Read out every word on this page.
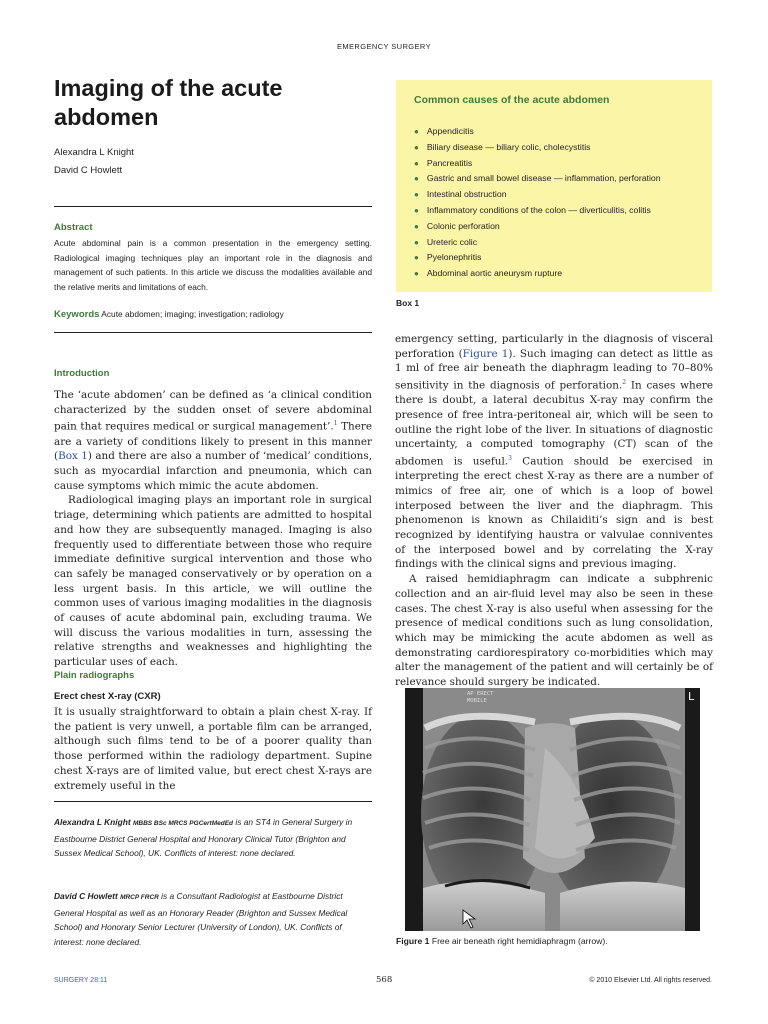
EMERGENCY SURGERY
Imaging of the acute
abdomen
Alexandra L Knight
David C Howlett
Abstract
Acute abdominal pain is a common presentation in the emergency setting. Radiological imaging techniques play an important role in the diagnosis and management of such patients. In this article we discuss the modalities available and the relative merits and limitations of each.
Keywords Acute abdomen; imaging; investigation; radiology
Common causes of the acute abdomen
● Appendicitis
● Biliary disease — biliary colic, cholecystitis
● Pancreatitis
● Gastric and small bowel disease — inflammation, perforation
● Intestinal obstruction
● Inflammatory conditions of the colon — diverticulitis, colitis
● Colonic perforation
● Ureteric colic
● Pyelonephritis
● Abdominal aortic aneurysm rupture
Box 1
Introduction

The ‘acute abdomen’ can be defined as ‘a clinical condition characterized by the sudden onset of severe abdominal pain that requires medical or surgical management’.$^1$ There are a variety of conditions likely to present in this manner (Box 1) and there are also a number of ‘medical’ conditions, such as myocardial infarction and pneumonia, which can cause symptoms which mimic the acute abdomen.

Radiological imaging plays an important role in surgical triage, determining which patients are admitted to hospital and how they are subsequently managed. Imaging is also frequently used to differentiate between those who require immediate definitive surgical intervention and those who can safely be managed conservatively or by operation on a less urgent basis. In this article, we will outline the common uses of various imaging modalities in the diagnosis of causes of acute abdominal pain, excluding trauma. We will discuss the various modalities in turn, assessing the relative strengths and weaknesses and highlighting the particular uses of each.

Plain radiographs
Erect chest X-ray (CXR)

It is usually straightforward to obtain a plain chest X-ray. If the patient is very unwell, a portable film can be arranged, although such films tend to be of a poorer quality than those performed within the radiology department. Supine chest X-rays are of limited value, but erect chest X-rays are extremely useful in the

Alexandra L Knight MBBS BSc MRCS PGCertMedEd is an ST4 in General Surgery in Eastbourne District General Hospital and Honorary Clinical Tutor (Brighton and Sussex Medical School), UK. Conflicts of interest: none declared.
David C Howlett MRCP FRCR is a Consultant Radiologist at Eastbourne District General Hospital as well as an Honorary Reader (Brighton and Sussex Medical School) and Honorary Senior Lecturer (University of London), UK. Conflicts of interest: none declared.

emergency setting, particularly in the diagnosis of visceral perforation (Figure 1). Such imaging can detect as little as 1 ml of free air beneath the diaphragm leading to 70–80% sensitivity in the diagnosis of perforation.$^2$ In cases where there is doubt, a lateral decubitus X-ray may confirm the presence of free intra-peritoneal air, which will be seen to outline the right lobe of the liver. In situations of diagnostic uncertainty, a computed tomography (CT) scan of the abdomen is useful.$^3$ Caution should be exercised in interpreting the erect chest X-ray as there are a number of mimics of free air, one of which is a loop of bowel interposed between the liver and the diaphragm. This phenomenon is known as Chilaiditi’s sign and is best recognized by identifying haustra or valvulae conniventes of the interposed bowel and by correlating the X-ray findings with the clinical signs and previous imaging.

A raised hemidiaphragm can indicate a subphrenic collection and an air-fluid level may also be seen in these cases. The chest X-ray is also useful when assessing for the presence of medical conditions such as lung consolidation, which may be mimicking the acute abdomen as well as demonstrating cardiorespiratory co-morbidities which may alter the management of the patient and will certainly be of relevance should surgery be indicated.

AP ERECT
MOBILE	L
Figure 1 Free air beneath right hemidiaphragm (arrow).
SURGERY 28:11	568	© 2010 Elsevier Ltd. All rights reserved.
